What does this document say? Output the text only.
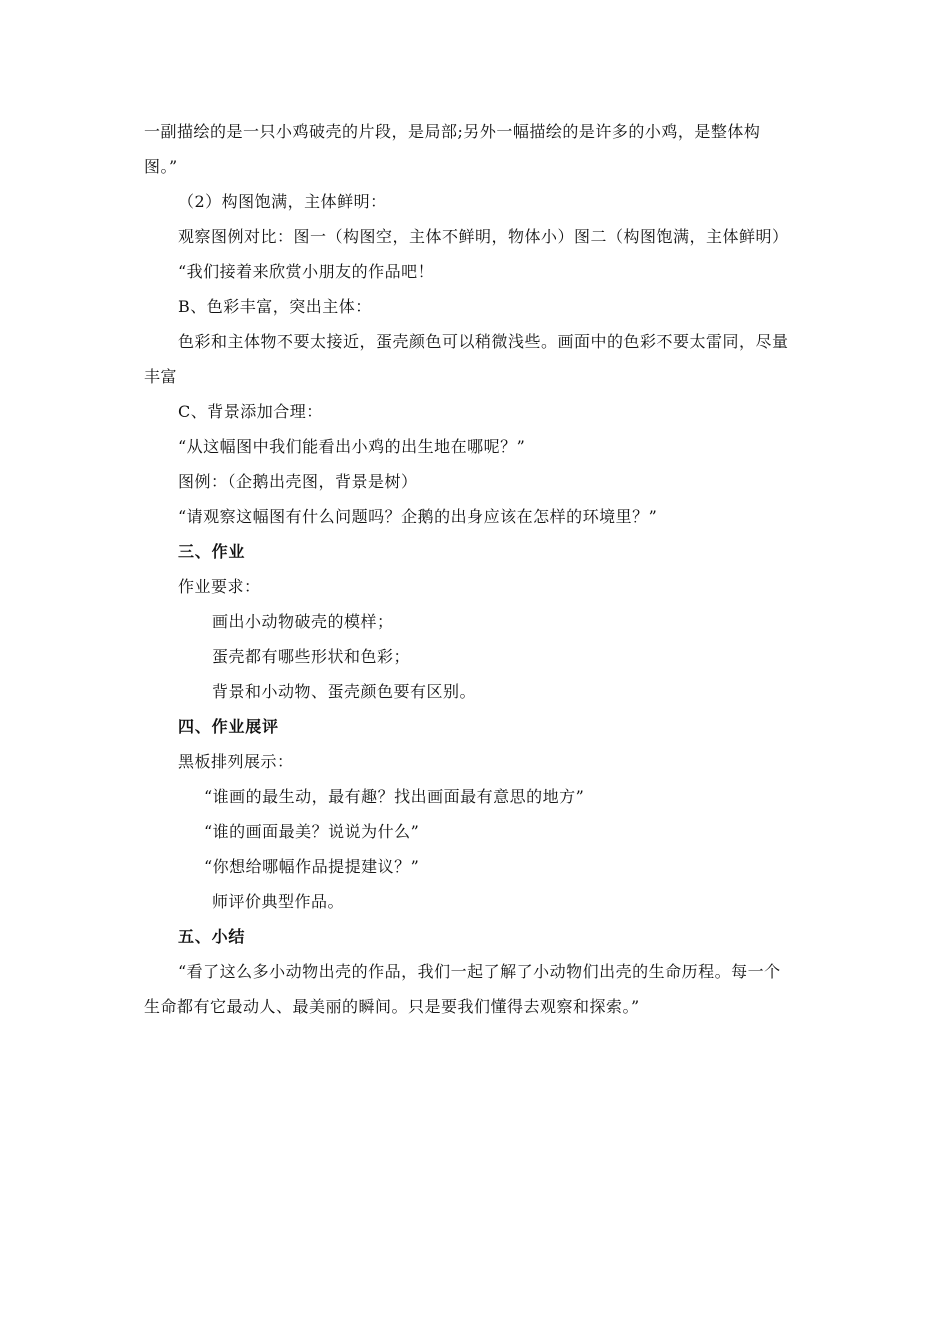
一副描绘的是一只小鸡破壳的片段，是局部;另外一幅描绘的是许多的小鸡，是整体构
图。”
（2）构图饱满，主体鲜明：
观察图例对比：图一（构图空，主体不鲜明，物体小）图二（构图饱满，主体鲜明）
“我们接着来欣赏小朋友的作品吧！
B、色彩丰富，突出主体：
色彩和主体物不要太接近，蛋壳颜色可以稍微浅些。画面中的色彩不要太雷同，尽量
丰富
C、背景添加合理：
“从这幅图中我们能看出小鸡的出生地在哪呢？”
图例：（企鹅出壳图，背景是树）
“请观察这幅图有什么问题吗？企鹅的出身应该在怎样的环境里？”
三、作业
作业要求：
画出小动物破壳的模样；
蛋壳都有哪些形状和色彩；
背景和小动物、蛋壳颜色要有区别。
四、作业展评
黑板排列展示：
“谁画的最生动，最有趣？找出画面最有意思的地方”
“谁的画面最美？说说为什么”
“你想给哪幅作品提提建议？”
师评价典型作品。
五、小结
“看了这么多小动物出壳的作品，我们一起了解了小动物们出壳的生命历程。每一个
生命都有它最动人、最美丽的瞬间。只是要我们懂得去观察和探索。”
